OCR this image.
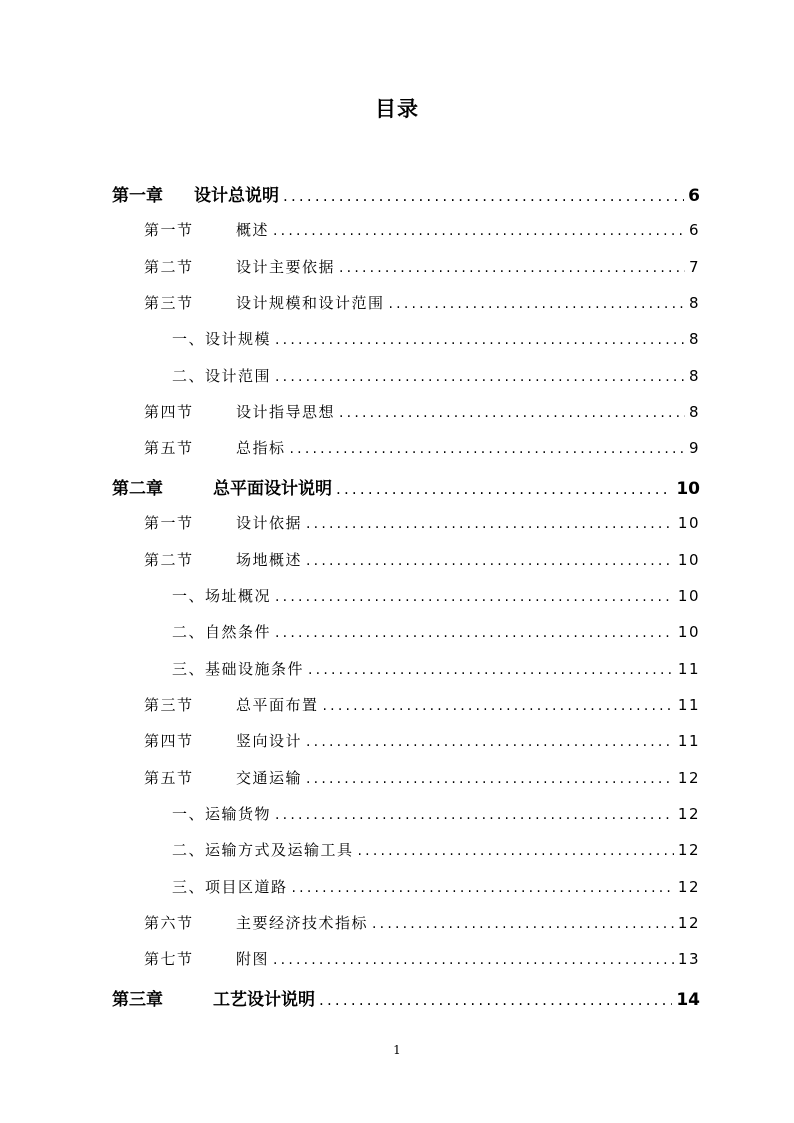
目录
第一章	设计总说明 .....	6
第一节	概述 .....	6
第二节	设计主要依据 .....	7
第三节	设计规模和设计范围 .....	8
一、 设计规模 .....	8
二、 设计范围 .....	8
第四节	设计指导思想 .....	8
第五节	总指标 .....	9
第二章	总平面设计说明 .....	10
第一节	设计依据 .....	10
第二节	场地概述 .....	10
一、 场址概况 .....	10
二、 自然条件 .....	10
三、 基础设施条件 .....	11
第三节	总平面布置 .....	11
第四节	竖向设计 .....	11
第五节	交通运输 .....	12
一、 运输货物 .....	12
二、 运输方式及运输工具 .....	12
三、 项目区道路 .....	12
第六节	主要经济技术指标 .....	12
第七节	附图 .....	13
第三章	工艺设计说明 .....	14
1
